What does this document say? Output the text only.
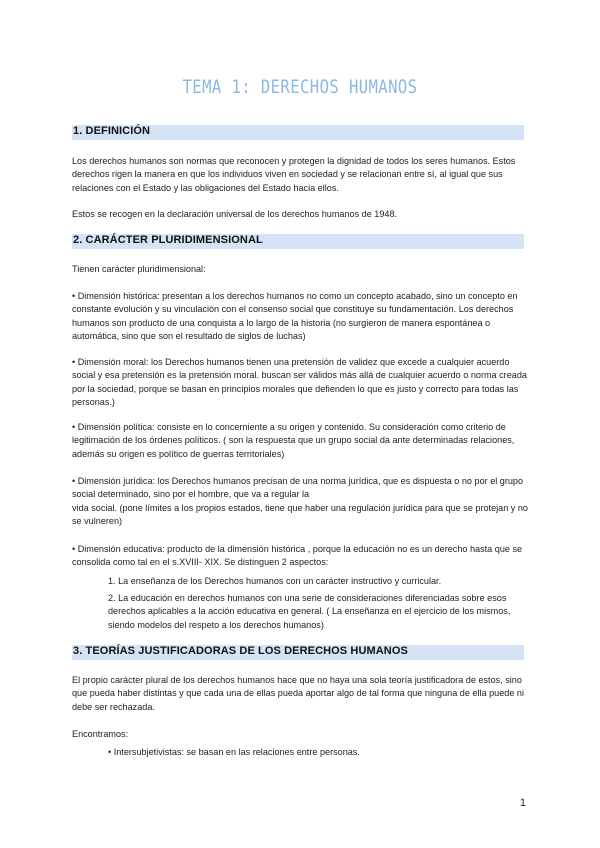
TEMA 1: DERECHOS HUMANOS
1. DEFINICIÓN

Los derechos humanos son normas que reconocen y protegen la dignidad de todos los seres humanos. Estos derechos rigen la manera en que los individuos viven en sociedad y se relacionan entre sí, al igual que sus relaciones con el Estado y las obligaciones del Estado hacia ellos.

Estos se recogen en la declaración universal de los derechos humanos de 1948.

2. CARÁCTER PLURIDIMENSIONAL

Tienen carácter pluridimensional:

• Dimensión histórica: presentan a los derechos humanos no como un concepto acabado, sino un concepto en constante evolución y su vinculación con el consenso social que constituye su fundamentación. Los derechos humanos son producto de una conquista a lo largo de la historia (no surgieron de manera espontánea o automática, sino que son el resultado de siglos de luchas)

• Dimensión moral: los Derechos humanos tienen una pretensión de validez que excede a cualquier acuerdo social y esa pretensión es la pretensión moral. buscan ser válidos más allá de cualquier acuerdo o norma creada por la sociedad, porque se basan en principios morales que defienden lo que es justo y correcto para todas las personas.)

• Dimensión política: consiste en lo concerniente a su origen y contenido. Su consideración como criterio de legitimación de los órdenes políticos. ( son la respuesta que un grupo social da ante determinadas relaciones, además su origen es político de guerras territoriales)

• Dimensión jurídica: los Derechos humanos precisan de una norma jurídica, que es dispuesta o no por el grupo social determinado, sino por el hombre, que va a regular la

vida social. (pone límites a los propios estados, tiene que haber una regulación jurídica para que se protejan y no se vulneren)

• Dimensión educativa: producto de la dimensión histórica , porque la educación no es un derecho hasta que se consolida como tal en el s.XVIII- XIX. Se distinguen 2 aspectos:

1. La enseñanza de los Derechos humanos con un carácter instructivo y curricular.

2. La educación en derechos humanos con una serie de consideraciones diferenciadas sobre esos derechos aplicables a la acción educativa en general. ( La enseñanza en el ejercicio de los mismos, siendo modelos del respeto a los derechos humanos)

3. TEORÍAS JUSTIFICADORAS DE LOS DERECHOS HUMANOS

El propio carácter plural de los derechos humanos hace que no haya una sola teoría justificadora de estos, sino que pueda haber distintas y que cada una de ellas pueda aportar algo de tal forma que ninguna de ella puede ni debe ser rechazada.

Encontramos:

• Intersubjetivistas: se basan en las relaciones entre personas.

1
